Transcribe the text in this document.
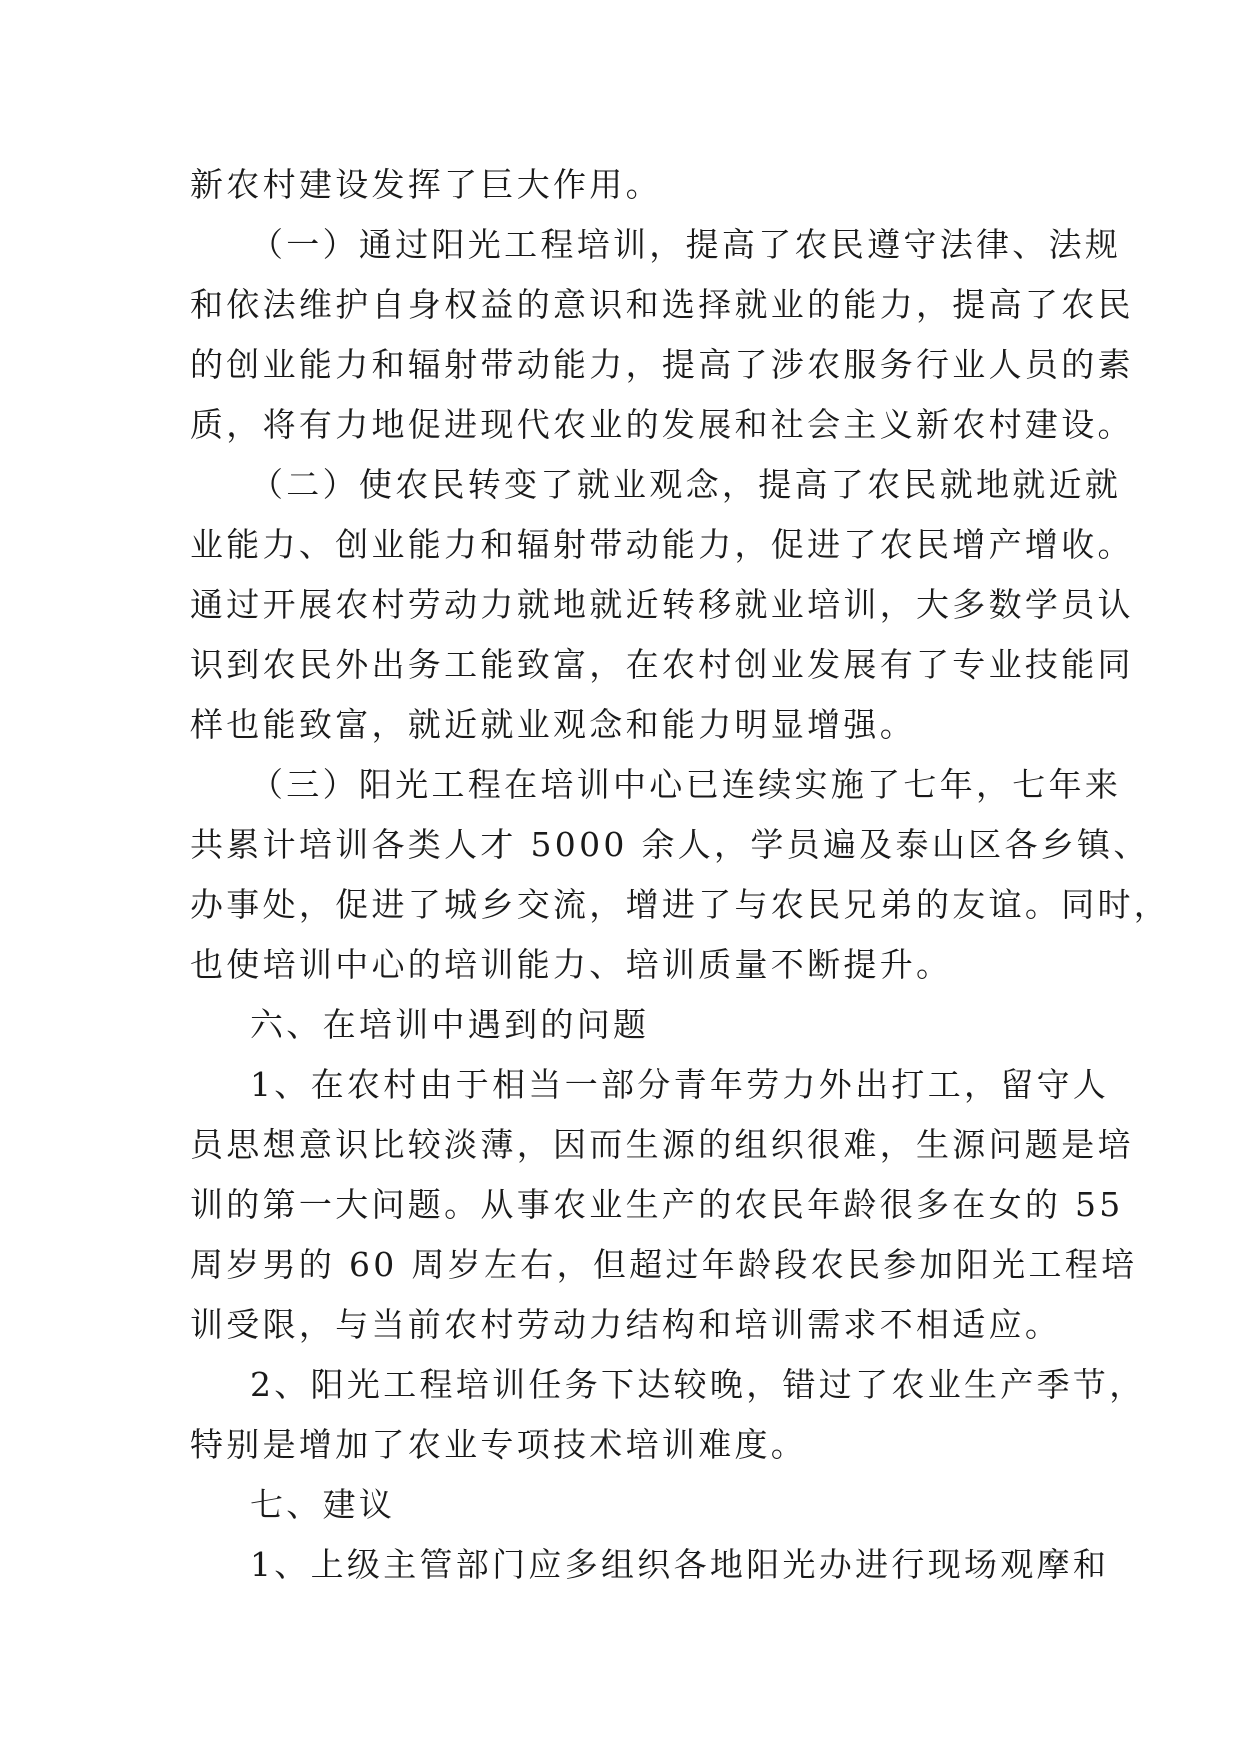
新农村建设发挥了巨大作用。
（一）通过阳光工程培训，提高了农民遵守法律、法规
和依法维护自身权益的意识和选择就业的能力，提高了农民
的创业能力和辐射带动能力，提高了涉农服务行业人员的素
质，将有力地促进现代农业的发展和社会主义新农村建设。
（二）使农民转变了就业观念，提高了农民就地就近就
业能力、创业能力和辐射带动能力，促进了农民增产增收。
通过开展农村劳动力就地就近转移就业培训，大多数学员认
识到农民外出务工能致富，在农村创业发展有了专业技能同
样也能致富，就近就业观念和能力明显增强。
（三）阳光工程在培训中心已连续实施了七年，七年来
共累计培训各类人才 5000 余人，学员遍及泰山区各乡镇、
办事处，促进了城乡交流，增进了与农民兄弟的友谊。同时，
也使培训中心的培训能力、培训质量不断提升。
六、在培训中遇到的问题
1、在农村由于相当一部分青年劳力外出打工，留守人
员思想意识比较淡薄，因而生源的组织很难，生源问题是培
训的第一大问题。从事农业生产的农民年龄很多在女的 55
周岁男的 60 周岁左右，但超过年龄段农民参加阳光工程培
训受限，与当前农村劳动力结构和培训需求不相适应。
2、阳光工程培训任务下达较晚，错过了农业生产季节，
特别是增加了农业专项技术培训难度。
七、建议
1、上级主管部门应多组织各地阳光办进行现场观摩和
